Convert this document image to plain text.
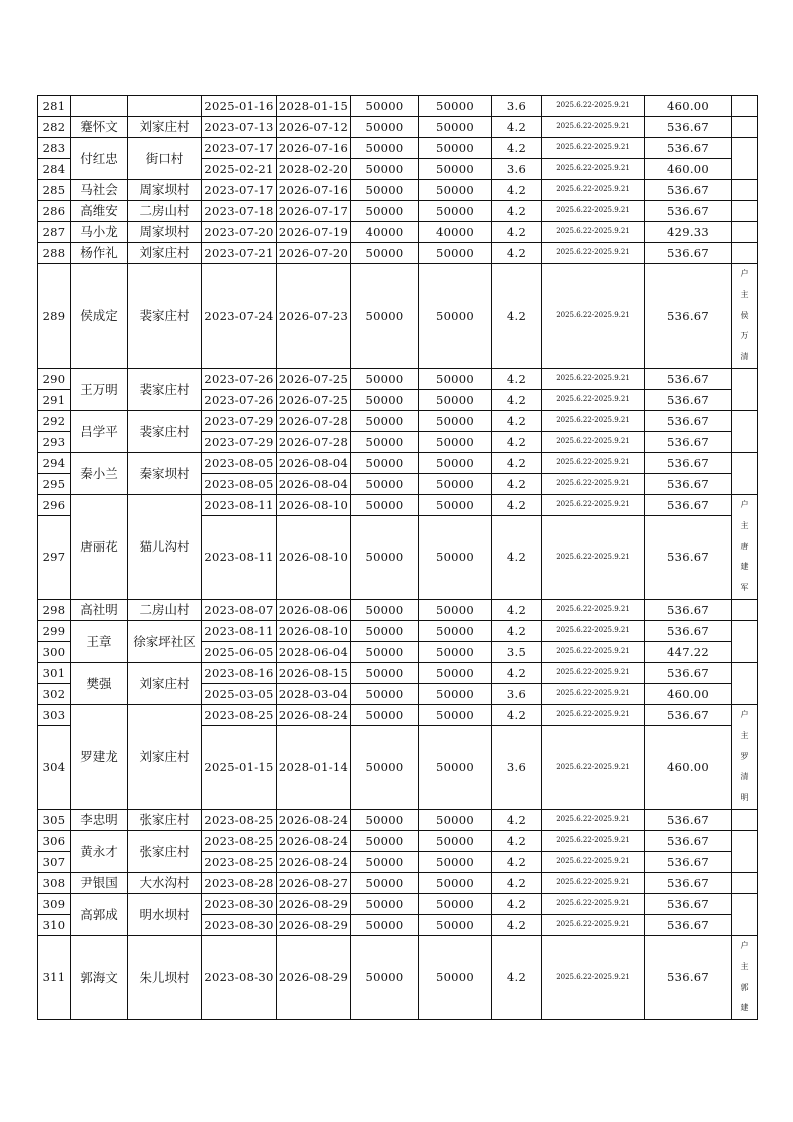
281			2025-01-16	2028-01-15	50000	50000	3.6	2025.6.22-2025.9.21	460.00	
282	蹇怀文	刘家庄村	2023-07-13	2026-07-12	50000	50000	4.2	2025.6.22-2025.9.21	536.67	
283	付红忠	街口村	2023-07-17	2026-07-16	50000	50000	4.2	2025.6.22-2025.9.21	536.67	
284			2025-02-21	2028-02-20	50000	50000	3.6	2025.6.22-2025.9.21	460.00	
285	马社会	周家坝村	2023-07-17	2026-07-16	50000	50000	4.2	2025.6.22-2025.9.21	536.67	
286	高维安	二房山村	2023-07-18	2026-07-17	50000	50000	4.2	2025.6.22-2025.9.21	536.67	
287	马小龙	周家坝村	2023-07-20	2026-07-19	40000	40000	4.2	2025.6.22-2025.9.21	429.33	
288	杨作礼	刘家庄村	2023-07-21	2026-07-20	50000	50000	4.2	2025.6.22-2025.9.21	536.67	
289	侯成定	裴家庄村	2023-07-24	2026-07-23	50000	50000	4.2	2025.6.22-2025.9.21	536.67	户主侯万清
290	王万明	裴家庄村	2023-07-26	2026-07-25	50000	50000	4.2	2025.6.22-2025.9.21	536.67	
291			2023-07-26	2026-07-25	50000	50000	4.2	2025.6.22-2025.9.21	536.67	
292	吕学平	裴家庄村	2023-07-29	2026-07-28	50000	50000	4.2	2025.6.22-2025.9.21	536.67	
293			2023-07-29	2026-07-28	50000	50000	4.2	2025.6.22-2025.9.21	536.67	
294	秦小兰	秦家坝村	2023-08-05	2026-08-04	50000	50000	4.2	2025.6.22-2025.9.21	536.67	
295			2023-08-05	2026-08-04	50000	50000	4.2	2025.6.22-2025.9.21	536.67	
296	唐丽花	猫儿沟村	2023-08-11	2026-08-10	50000	50000	4.2	2025.6.22-2025.9.21	536.67	户主唐建军
297			2023-08-11	2026-08-10	50000	50000	4.2	2025.6.22-2025.9.21	536.67	
298	高社明	二房山村	2023-08-07	2026-08-06	50000	50000	4.2	2025.6.22-2025.9.21	536.67	
299	王章	徐家坪社区	2023-08-11	2026-08-10	50000	50000	4.2	2025.6.22-2025.9.21	536.67	
300			2025-06-05	2028-06-04	50000	50000	3.5	2025.6.22-2025.9.21	447.22	
301	樊强	刘家庄村	2023-08-16	2026-08-15	50000	50000	4.2	2025.6.22-2025.9.21	536.67	
302			2025-03-05	2028-03-04	50000	50000	3.6	2025.6.22-2025.9.21	460.00	
303	罗建龙	刘家庄村	2023-08-25	2026-08-24	50000	50000	4.2	2025.6.22-2025.9.21	536.67	户主罗清明
304			2025-01-15	2028-01-14	50000	50000	3.6	2025.6.22-2025.9.21	460.00	
305	李忠明	张家庄村	2023-08-25	2026-08-24	50000	50000	4.2	2025.6.22-2025.9.21	536.67	
306	黄永才	张家庄村	2023-08-25	2026-08-24	50000	50000	4.2	2025.6.22-2025.9.21	536.67	
307			2023-08-25	2026-08-24	50000	50000	4.2	2025.6.22-2025.9.21	536.67	
308	尹银国	大水沟村	2023-08-28	2026-08-27	50000	50000	4.2	2025.6.22-2025.9.21	536.67	
309	高郭成	明水坝村	2023-08-30	2026-08-29	50000	50000	4.2	2025.6.22-2025.9.21	536.67	
310			2023-08-30	2026-08-29	50000	50000	4.2	2025.6.22-2025.9.21	536.67	
311	郭海文	朱儿坝村	2023-08-30	2026-08-29	50000	50000	4.2	2025.6.22-2025.9.21	536.67	户主郭建
